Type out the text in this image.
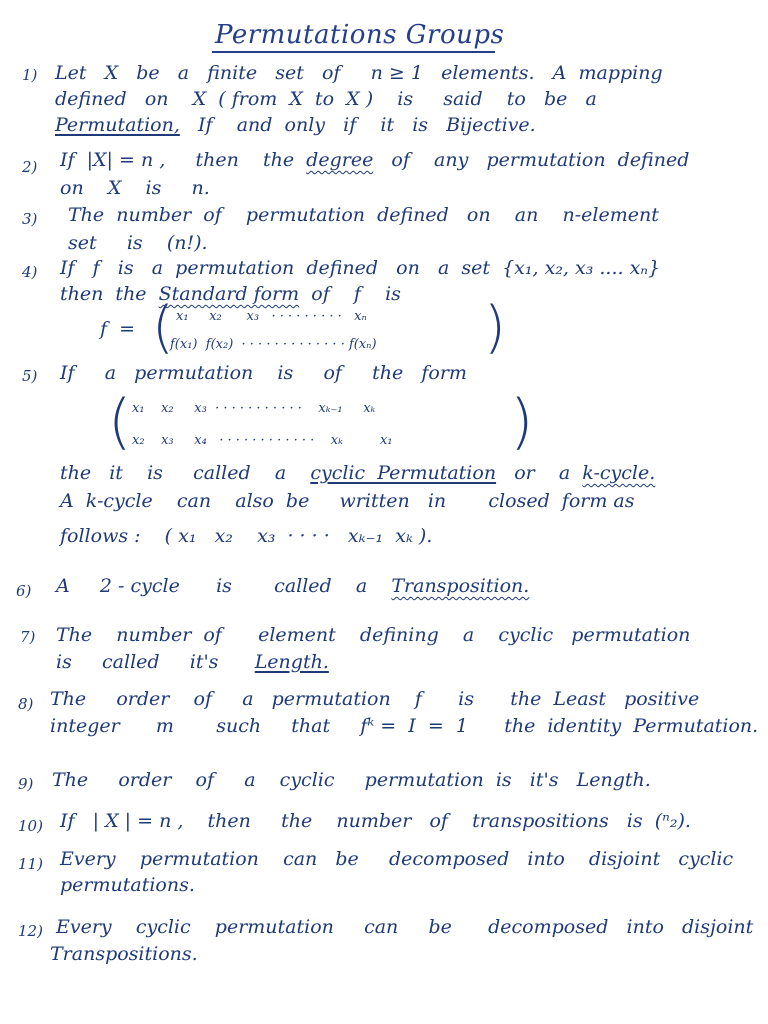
Permutations Groups
1) Let   X   be   a   finite   set   of     n ≥ 1   elements.   A  mapping
defined   on    X  ( from  X  to  X )    is     said    to   be   a
Permutation,   If    and  only   if    it   is   Bijective.
2) If  |X| = n ,     then    the  degree   of    any   permutation  defined
on    X    is     n.
3) The  number  of    permutation  defined   on    an    n-element
set     is    (n!).
4) If   f   is   a  permutation  defined   on   a  set  {x₁, x₂, x₃ .... xₙ}
then  the  Standard form  of    f    is
f  = ( x₁     x₂      x₃   · · · · · · · · ·   xₙ
f(x₁)  f(x₂)  · · · · · · · · · · · · · f(xₙ) )
5) If     a   permutation    is     of     the   form
( x₁    x₂     x₃  · · · · · · · · · · ·    xₖ₋₁     xₖ
x₂    x₃     x₄   · · · · · · · · · · · ·    xₖ         x₁ )
the   it    is     called    a    cyclic  Permutation   or    a  k-cycle.
A  k-cycle    can    also  be     written   in       closed  form as
follows :    ( x₁   x₂    x₃  · · · ·   xₖ₋₁  xₖ ).
6) A     2 - cycle      is       called    a    Transposition.
7) The    number  of      element    defining    a    cyclic   permutation
is     called     it's      Length.
8) The     order    of     a   permutation    f      is      the  Least   positive
integer      m       such     that     fᵏ =  I  =  1      the  identity  Permutation.
9) The     order    of     a    cyclic     permutation  is   it's   Length.
10) If   | X | = n ,    then     the    number   of    transpositions   is  (ⁿ₂).
11) Every    permutation    can   be     decomposed   into    disjoint   cyclic
permutations.
12) Every    cyclic    permutation     can     be      decomposed   into   disjoint
Transpositions.
